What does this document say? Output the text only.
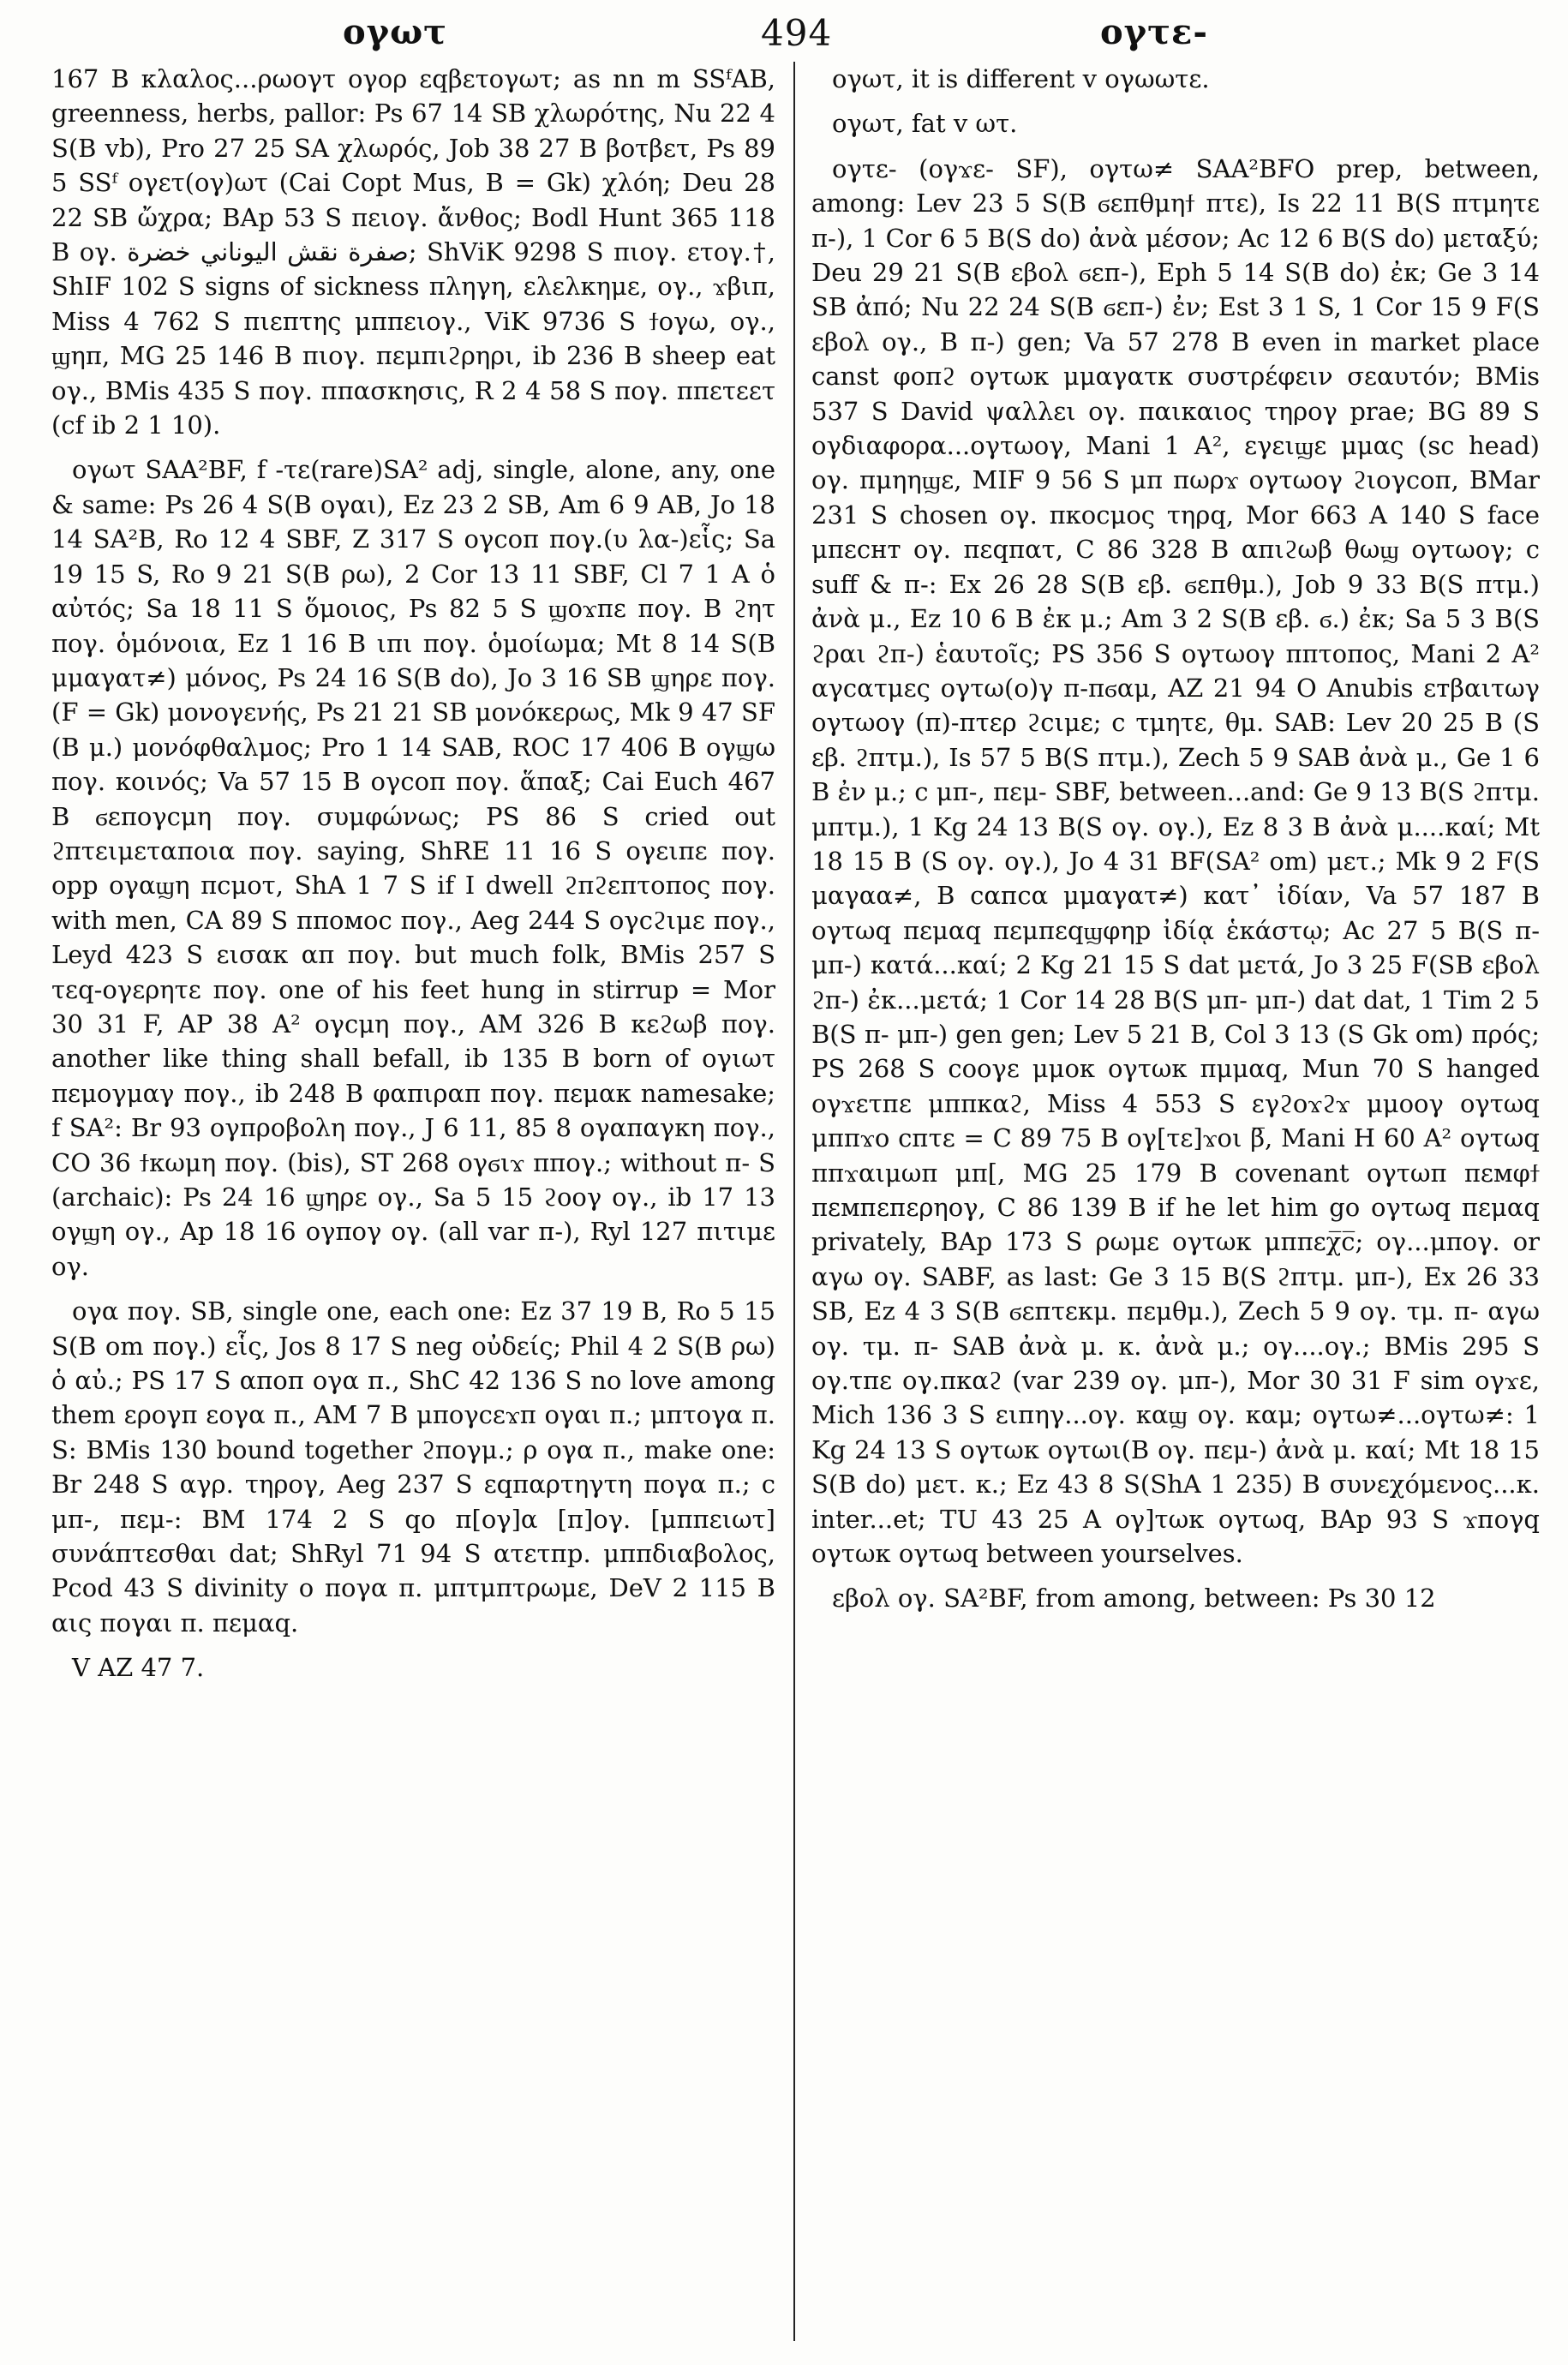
ογωτ	494	ογτε-

167 B κλαλος...ρωογτ ογορ εqβετογωτ; as nn m SSᶠAB, greenness, herbs, pallor: Ps 67 14 SB χλωρότης, Nu 22 4 S(B vb), Pro 27 25 SA χλωρός, Job 38 27 B βοτβετ, Ps 89 5 SSᶠ ογετ(ογ)ωτ (Cai Copt Mus, B = Gk) χλόη; Deu 28 22 SB ὤχρα; BAp 53 S πειογ. ἄνθος; Bodl Hunt 365 118 B ογ. صفرة نقش اليوناني خضرة; ShViK 9298 S πιογ. ετογ.†, ShIF 102 S signs of sickness πληγη, ελελκημε, ογ., ϫβιπ, Miss 4 762 S πιεπτης μππειογ., ViK 9736 S ϯογω, ογ., ϣηπ, MG 25 146 B πιογ. πεμπιϩρηρι, ib 236 B sheep eat ογ., BMis 435 S πογ. ππασκησις, R 2 4 58 S πογ. ππετεετ (cf ib 2 1 10).

ογωτ SAA²BF, f -τε(rare)SA² adj, single, alone, any, one & same: Ps 26 4 S(B ογαι), Ez 23 2 SB, Am 6 9 AB, Jo 18 14 SA²B, Ro 12 4 SBF, Z 317 S ογcoπ πογ.(υ λα-)εἷς; Sa 19 15 S, Ro 9 21 S(B ρω), 2 Cor 13 11 SBF, Cl 7 1 A ὁ αὐτός; Sa 18 11 S ὅμοιος, Ps 82 5 S ϣοϫπε πογ. B ϩητ πογ. ὁμόνοια, Ez 1 16 B ιπι πογ. ὁμοίωμα; Mt 8 14 S(B μμαγατ≠) μόνος, Ps 24 16 S(B do), Jo 3 16 SB ϣηρε πογ. (F = Gk) μονογενής, Ps 21 21 SB μονόκερως, Mk 9 47 SF (B μ.) μονόφθαλμος; Pro 1 14 SAB, ROC 17 406 B ογϣω πογ. κοινός; Va 57 15 B ογcoπ πογ. ἅπαξ; Cai Euch 467 B ϭεπογcμη πογ. συμφώνως; PS 86 S cried out ϩπτειμεταποια πογ. saying, ShRE 11 16 S ογειπε πογ. opp ογαϣη πcμοτ, ShA 1 7 S if I dwell ϩπϩεπτοπος πογ. with men, CA 89 S πποмос πογ., Aeg 244 S ογcϩιμε πογ., Leyd 423 S εισακ απ πογ. but much folk, BMis 257 S τεq-ογερητε πογ. one of his feet hung in stirrup = Mor 30 31 F, AP 38 A² ογcμη πογ., AM 326 B κεϩωβ πογ. another like thing shall befall, ib 135 B born of ογιωτ πεμογμαγ πογ., ib 248 B φαπιραπ πογ. πεμακ namesake; f SA²: Br 93 ογπροβολη πογ., J 6 11, 85 8 ογαπαγκη πογ., CO 36 ϯκωμη πογ. (bis), ST 268 ογϭιϫ ππογ.; without π- S (archaic): Ps 24 16 ϣηρε ογ., Sa 5 15 ϩοογ ογ., ib 17 13 ογϣη ογ., Ap 18 16 ογπογ ογ. (all var π-), Ryl 127 πιτιμε ογ.

ογα πογ. SB, single one, each one: Ez 37 19 B, Ro 5 15 S(B om πογ.) εἷς, Jos 8 17 S neg οὐδείς; Phil 4 2 S(B ρω) ὁ αὐ.; PS 17 S αποπ ογα π., ShC 42 136 S no love among them ερογπ εογα π., AM 7 B μπογcεϫπ ογαι π.; μπτογα π. S: BMis 130 bound together ϩπογμ.; ρ ογα π., make one: Br 248 S αγρ. τηρογ, Aeg 237 S εqπαρτηγτη πογα π.; c μπ-, πεμ-: BM 174 2 S qo π[ογ]α [π]ογ. [μππειωτ] συνάπτεσθαι dat; ShRyl 71 94 S ατετпр. μππδιαβολος, Pcod 43 S divinity o πογα π. μπτμπτρωμε, DeV 2 115 B αις πογαι π. πεμαq.

V AZ 47 7.

ογωτ, it is different v ογωωτε.

ογωτ, fat v ωτ.

ογτε- (ογϫε- SF), ογτω≠ SAA²BFO prep, between, among: Lev 23 5 S(B ϭεπθμηϯ πτε), Is 22 11 B(S πτμητε π-), 1 Cor 6 5 B(S do) ἀνὰ μέσον; Ac 12 6 B(S do) μεταξύ; Deu 29 21 S(B εβολ ϭεп-), Eph 5 14 S(B do) ἐκ; Ge 3 14 SB ἀπό; Nu 22 24 S(B ϭεп-) ἐν; Est 3 1 S, 1 Cor 15 9 F(S εβολ ογ., B π-) gen; Va 57 278 B even in market place canst φοπϩ ογτωκ μμαγατκ συστρέφειν σεαυτόν; BMis 537 S David ψαλλει ογ. παικαιος τηρογ prae; BG 89 S ογδιαφορα...ογτωογ, Mani 1 A², εγειϣε μμας (sc head) ογ. πμηηϣε, MIF 9 56 S μπ πωρϫ ογτωογ ϩιογcoπ, BMar 231 S chosen ογ. πκοcμος τηρq, Mor 663 A 140 S face μπεcнт ογ. πεqπατ, C 86 328 B απιϩωβ θωϣ ογτωογ; c suff & π-: Ex 26 28 S(B εβ. ϭεпθμ.), Job 9 33 B(S πτμ.) ἀνὰ μ., Ez 10 6 B ἐκ μ.; Am 3 2 S(B εβ. ϭ.) ἐκ; Sa 5 3 B(S ϩραι ϩπ-) ἑαυτοῖς; PS 356 S ογτωογ ππτοπος, Mani 2 A² αγcατμες ογτω(ο)γ π-πϭαμ, AZ 21 94 O Anubis εтβαιτωγ ογτωογ (π)-πτερ ϩcιμε; c τμητε, θμ. SAB: Lev 20 25 B (S εβ. ϩπτμ.), Is 57 5 B(S πτμ.), Zech 5 9 SAB ἀνὰ μ., Ge 1 6 B ἐν μ.; c μπ-, πεμ- SBF, between...and: Ge 9 13 B(S ϩπτμ. μπτμ.), 1 Kg 24 13 B(S ογ. ογ.), Ez 8 3 B ἀνὰ μ....καί; Mt 18 15 B (S ογ. ογ.), Jo 4 31 BF(SA² om) μετ.; Mk 9 2 F(S μαγαα≠, B cαпcα μμαγατ≠) κατ᾽ ἰδίαν, Va 57 187 B ογτωq πεμαq πεμπεqϣφηр ἰδίᾳ ἑκάστῳ; Ac 27 5 B(S π- μπ-) κατά...καί; 2 Kg 21 15 S dat μετά, Jo 3 25 F(SB εβολ ϩπ-) ἐκ...μετά; 1 Cor 14 28 B(S μπ- μπ-) dat dat, 1 Tim 2 5 B(S π- μπ-) gen gen; Lev 5 21 B, Col 3 13 (S Gk om) πρός; PS 268 S cooγε μμοκ ογτωκ πμμαq, Mun 70 S hanged ογϫετпε μππκαϩ, Miss 4 553 S εγϩοϫϩϫ μμοογ ογτωq μππϫο cпτε = C 89 75 B ογ[τε]ϫοι β̅, Mani H 60 A² ογτωq ππϫαιμωπ μπ[, MG 25 179 B covenant ογτωπ πεмφϯ πεмпεпερηογ, C 86 139 B if he let him go ογτωq πεμαq privately, BAp 173 S ρωμε ογτωκ μππεχ̅c̅; ογ...μπογ. or αγω ογ. SABF, as last: Ge 3 15 B(S ϩπτμ. μπ-), Ex 26 33 SB, Ez 4 3 S(B ϭεпτεκμ. πεμθμ.), Zech 5 9 ογ. τμ. π- αγω ογ. τμ. π- SAB ἀνὰ μ. κ. ἀνὰ μ.; ογ....ογ.; BMis 295 S ογ.τπε ογ.πκαϩ (var 239 ογ. μπ-), Mor 30 31 F sim ογϫε, Mich 136 3 S ειпηγ...ογ. καϣ ογ. καμ; ογτω≠...ογτω≠: 1 Kg 24 13 S ογτωκ ογτωι(B ογ. πεμ-) ἀνὰ μ. καί; Mt 18 15 S(B do) μετ. κ.; Ez 43 8 S(ShA 1 235) B συνεχόμενος...κ. inter...et; TU 43 25 A ογ]τωκ ογτωq, BAp 93 S ϫпογq ογτωκ ογτωq between yourselves.

εβολ ογ. SA²BF, from among, between: Ps 30 12
